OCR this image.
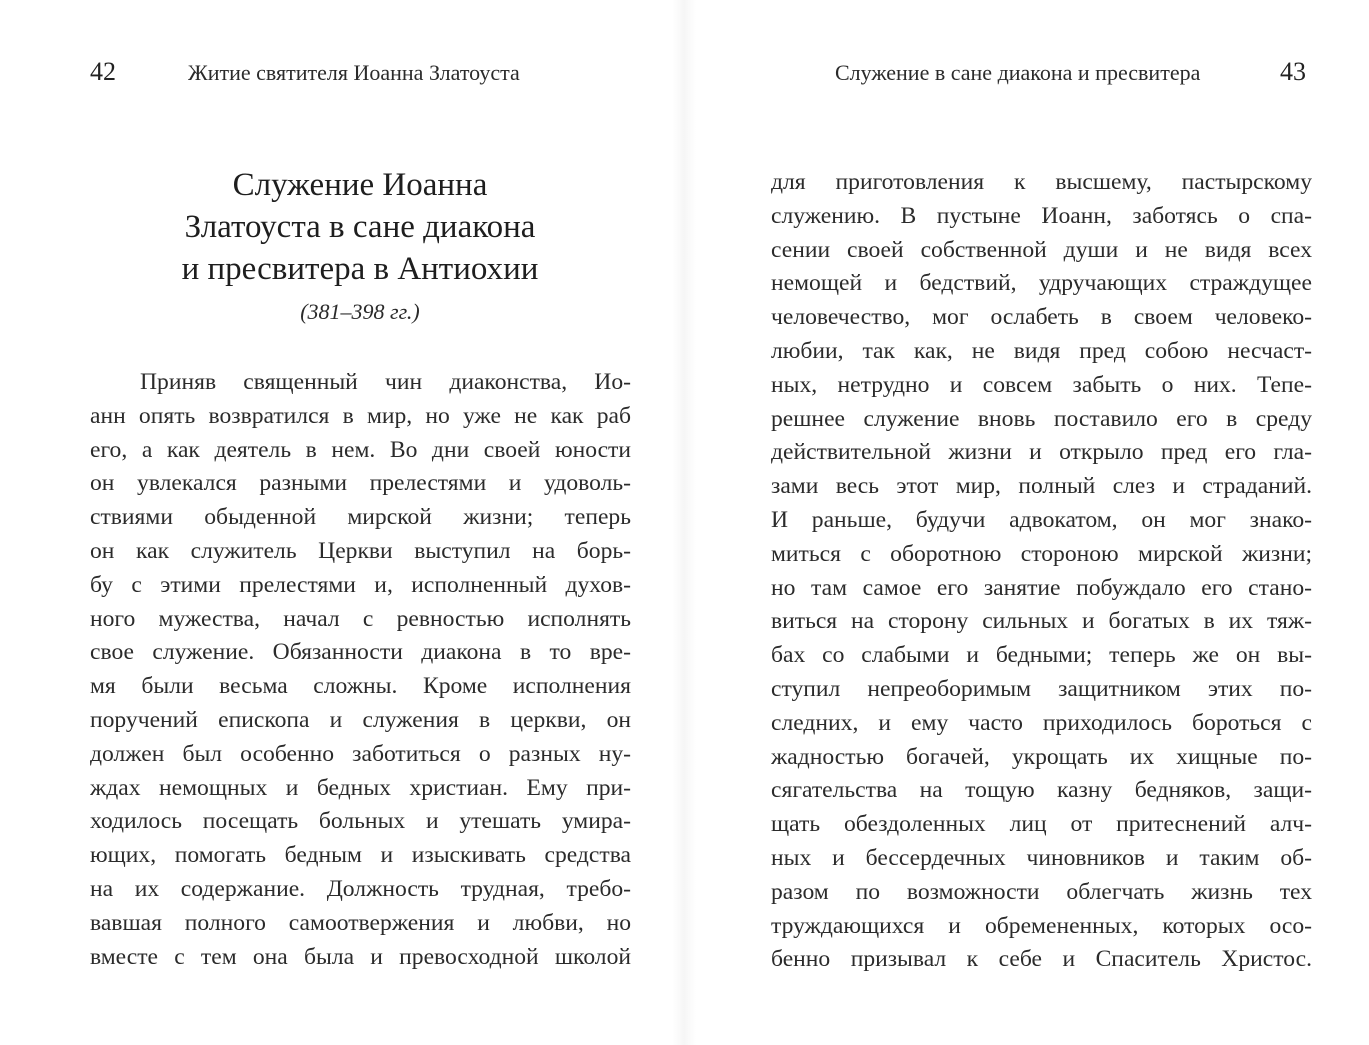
42	Житие святителя Иоанна Златоуста
Служение Иоанна
Златоуста в сане диакона
и пресвитера в Антиохии
(381–398 гг.)
Приняв священный чин диаконства, Ио-
анн опять возвратился в мир, но уже не как раб
его, а как деятель в нем. Во дни своей юности
он увлекался разными прелестями и удоволь-
ствиями обыденной мирской жизни; теперь
он как служитель Церкви выступил на борь-
бу с этими прелестями и, исполненный духов-
ного мужества, начал с ревностью исполнять
свое служение. Обязанности диакона в то вре-
мя были весьма сложны. Кроме исполнения
поручений епископа и служения в церкви, он
должен был особенно заботиться о разных ну-
ждах немощных и бедных христиан. Ему при-
ходилось посещать больных и утешать умира-
ющих, помогать бедным и изыскивать средства
на их содержание. Должность трудная, требо-
вавшая полного самоотвержения и любви, но
вместе с тем она была и превосходной школой
Служение в сане диакона и пресвитера	43
для приготовления к высшему, пастырскому
служению. В пустыне Иоанн, заботясь о спа-
сении своей собственной души и не видя всех
немощей и бедствий, удручающих страждущее
человечество, мог ослабеть в своем человеко-
любии, так как, не видя пред собою несчаст-
ных, нетрудно и совсем забыть о них. Тепе-
решнее служение вновь поставило его в среду
действительной жизни и открыло пред его гла-
зами весь этот мир, полный слез и страданий.
И раньше, будучи адвокатом, он мог знако-
миться с оборотною стороною мирской жизни;
но там самое его занятие побуждало его стано-
виться на сторону сильных и богатых в их тяж-
бах со слабыми и бедными; теперь же он вы-
ступил непреоборимым защитником этих по-
следних, и ему часто приходилось бороться с
жадностью богачей, укрощать их хищные по-
сягательства на тощую казну бедняков, защи-
щать обездоленных лиц от притеснений алч-
ных и бессердечных чиновников и таким об-
разом по возможности облегчать жизнь тех
труждающихся и обремененных, которых осо-
бенно призывал к себе и Спаситель Христос.
